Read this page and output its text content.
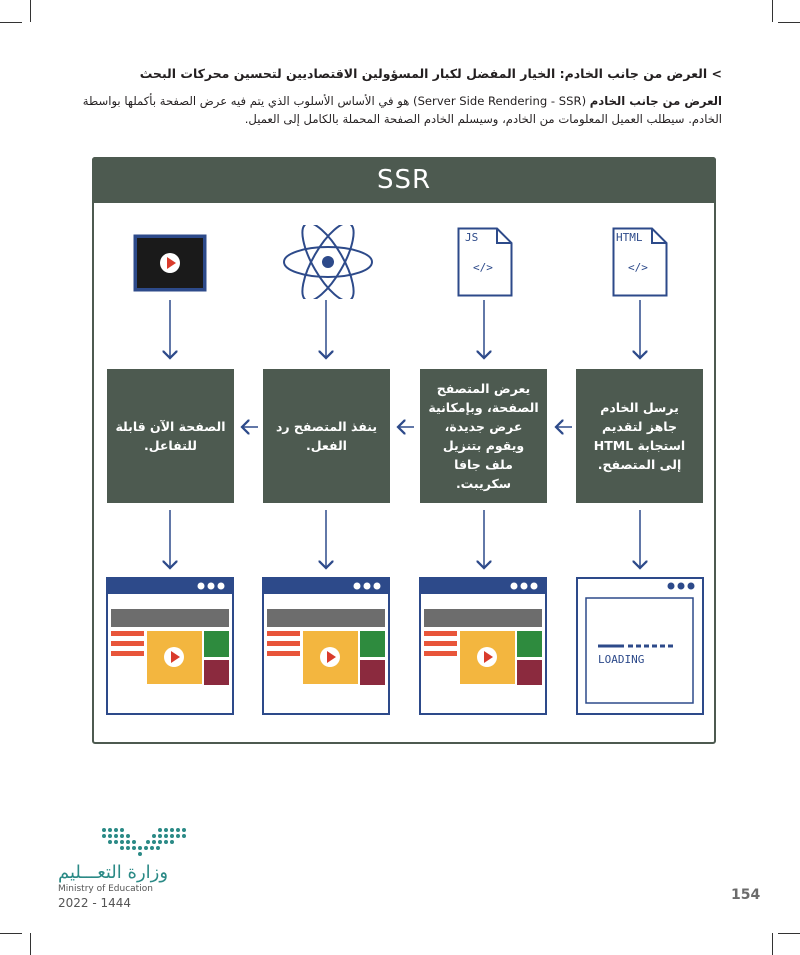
> العرض من جانب الخادم: الخيار المفضل لكبار المسؤولين الاقتصاديين لتحسين محركات البحث
العرض من جانب الخادم (Server Side Rendering - SSR) هو في الأساس الأسلوب الذي يتم فيه عرض الصفحة بأكملها بواسطة الخادم. سيطلب العميل المعلومات من الخادم، وسيسلم الخادم الصفحة المحملة بالكامل إلى العميل.
SSR
JS
</>
HTML
</>
الصفحة الآن قابلة للتفاعل.
ينفذ المتصفح رد الفعل.
يعرض المتصفح الصفحة، وبإمكانية عرض جديدة، ويقوم بتنزيل ملف جافا سكريبت.
يرسل الخادم جاهز لتقديم استجابة HTML إلى المتصفح.
LOADING
وزارة التعـــليم
Ministry of Education
2022 - 1444	154
